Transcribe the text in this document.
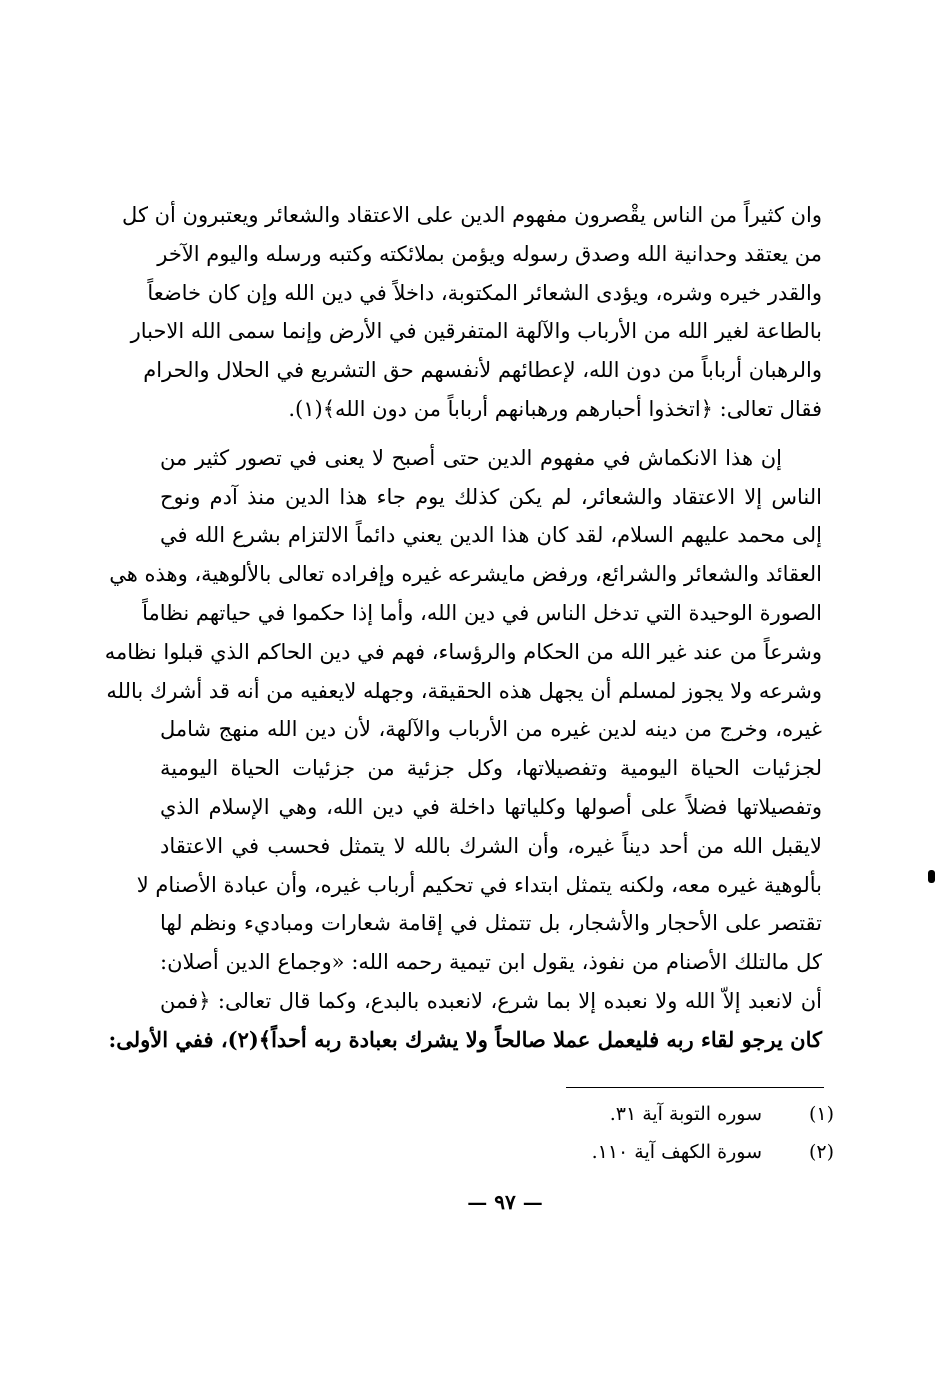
وان كثيراً من الناس يقْصرون مفهوم الدين على الاعتقاد والشعائر ويعتبرون أن كل
من يعتقد وحدانية الله وصدق رسوله ويؤمن بملائكته وكتبه ورسله واليوم الآخر
والقدر خيره وشره، ويؤدى الشعائر المكتوبة، داخلاً في دين الله وإن كان خاضعاً
بالطاعة لغير الله من الأرباب والآلهة المتفرقين في الأرض وإنما سمى الله الاحبار
والرهبان أرباباً من دون الله، لإعطائهم لأنفسهم حق التشريع في الحلال والحرام
فقال تعالى: ﴿اتخذوا أحبارهم ورهبانهم أرباباً من دون الله﴾(١).
إن هذا الانكماش في مفهوم الدين حتى أصبح لا يعنى في تصور كثير من
الناس إلا الاعتقاد والشعائر، لم يكن كذلك يوم جاء هذا الدين منذ آدم ونوح
إلى محمد عليهم السلام، لقد كان هذا الدين يعني دائماً الالتزام بشرع الله في
العقائد والشعائر والشرائع، ورفض مايشرعه غيره وإفراده تعالى بالألوهية، وهذه هي
الصورة الوحيدة التي تدخل الناس في دين الله، وأما إذا حكموا في حياتهم نظاماً
وشرعاً من عند غير الله من الحكام والرؤساء، فهم في دين الحاكم الذي قبلوا نظامه
وشرعه ولا يجوز لمسلم أن يجهل هذه الحقيقة، وجهله لايعفيه من أنه قد أشرك بالله
غيره، وخرج من دينه لدين غيره من الأرباب والآلهة، لأن دين الله منهج شامل
لجزئيات الحياة اليومية وتفصيلاتها، وكل جزئية من جزئيات الحياة اليومية
وتفصيلاتها فضلاً على أصولها وكلياتها داخلة في دين الله، وهي الإسلام الذي
لايقبل الله من أحد ديناً غيره، وأن الشرك بالله لا يتمثل فحسب في الاعتقاد
بألوهية غيره معه، ولكنه يتمثل ابتداء في تحكيم أرباب غيره، وأن عبادة الأصنام لا
تقتصر على الأحجار والأشجار، بل تتمثل في إقامة شعارات ومباديء ونظم لها
كل مالتلك الأصنام من نفوذ، يقول ابن تيمية رحمه الله: «وجماع الدين أصلان:
أن لانعبد إلاّ الله ولا نعبده إلا بما شرع، لانعبده بالبدع، وكما قال تعالى: ﴿فمن
كان يرجو لقاء ربه فليعمل عملا صالحاً ولا يشرك بعبادة ربه أحداً﴾(٢)، ففي الأولى:
(١)
سوره التوبة آية ٣١.
(٢)
سورة الكهف آية ١١٠.
— ٩٧ —
